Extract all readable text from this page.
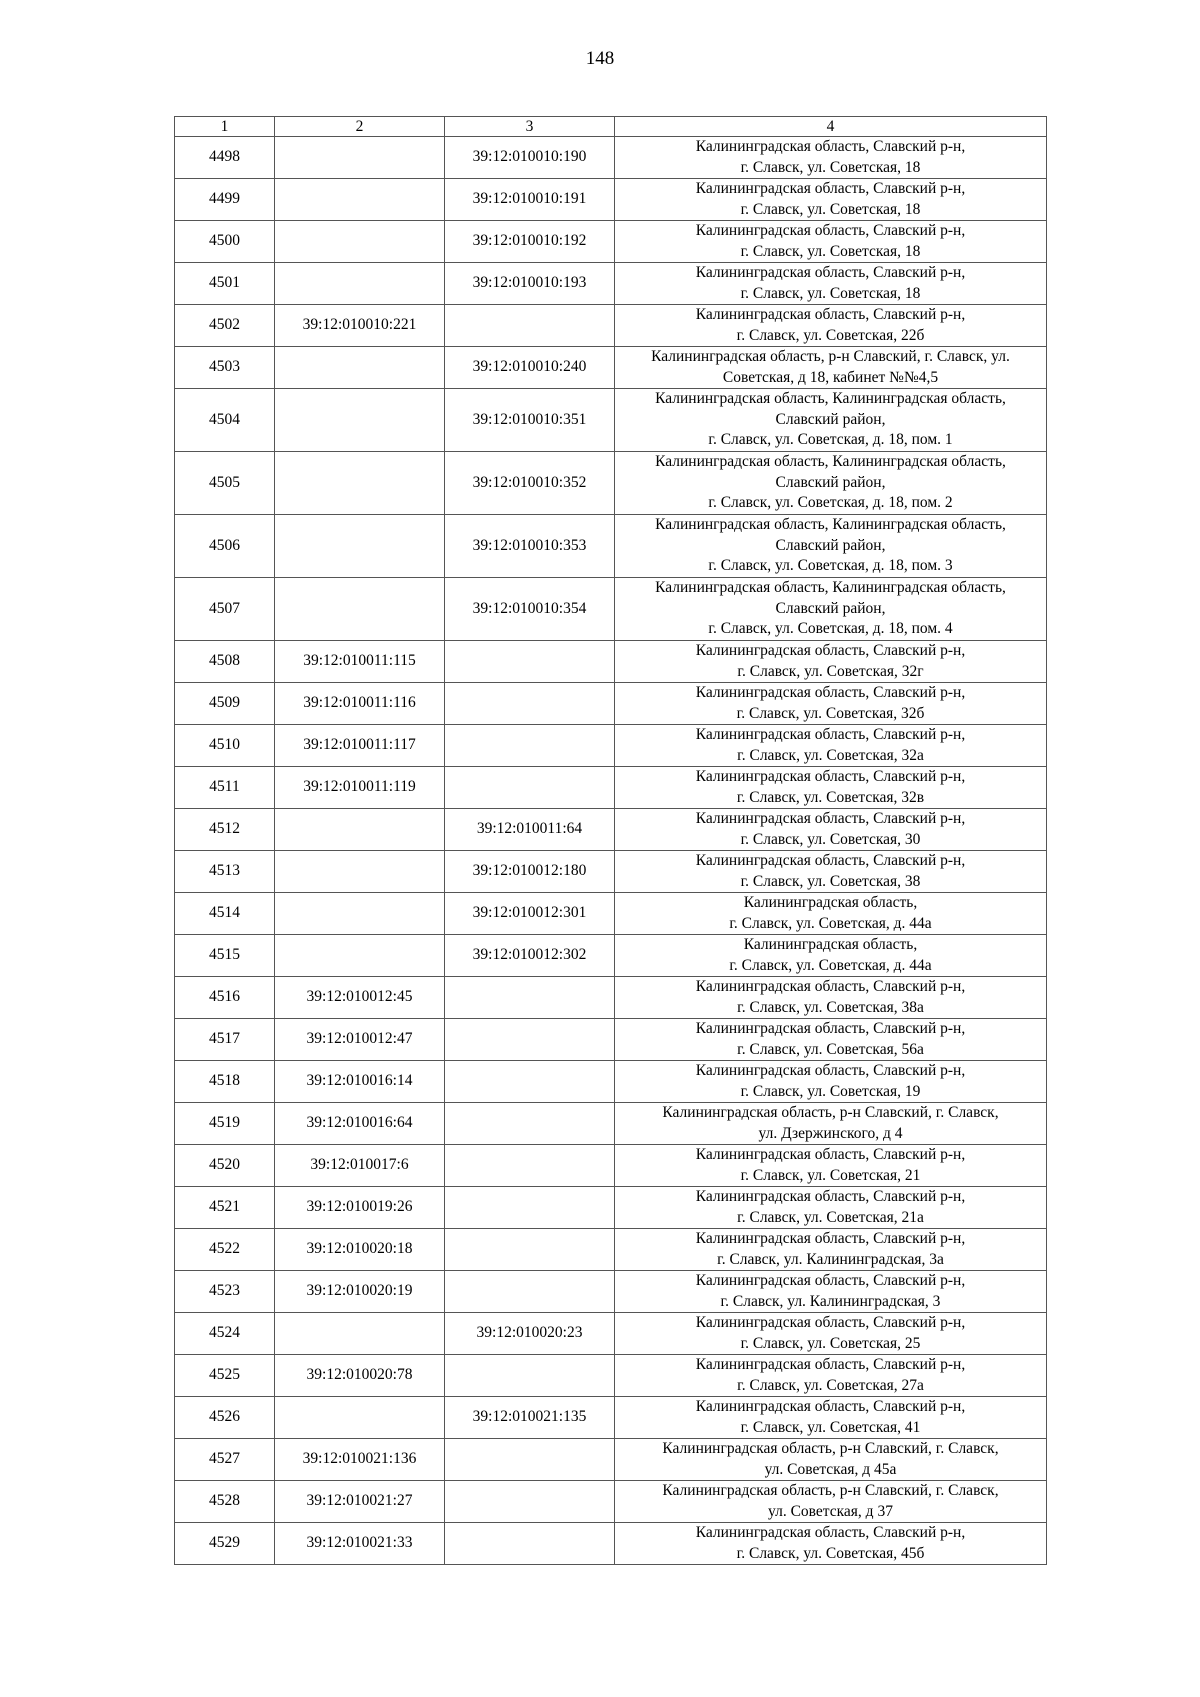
148
1	2	3	4
4498		39:12:010010:190	Калининградская область, Славский р-н,
г. Славск, ул. Советская, 18
4499		39:12:010010:191	Калининградская область, Славский р-н,
г. Славск, ул. Советская, 18
4500		39:12:010010:192	Калининградская область, Славский р-н,
г. Славск, ул. Советская, 18
4501		39:12:010010:193	Калининградская область, Славский р-н,
г. Славск, ул. Советская, 18
4502	39:12:010010:221		Калининградская область, Славский р-н,
г. Славск, ул. Советская, 22б
4503		39:12:010010:240	Калининградская область, р-н Славский, г. Славск, ул.
Советская, д 18, кабинет №№4,5
4504		39:12:010010:351	Калининградская область, Калининградская область,
Славский район,
г. Славск, ул. Советская, д. 18, пом. 1
4505		39:12:010010:352	Калининградская область, Калининградская область,
Славский район,
г. Славск, ул. Советская, д. 18, пом. 2
4506		39:12:010010:353	Калининградская область, Калининградская область,
Славский район,
г. Славск, ул. Советская, д. 18, пом. 3
4507		39:12:010010:354	Калининградская область, Калининградская область,
Славский район,
г. Славск, ул. Советская, д. 18, пом. 4
4508	39:12:010011:115		Калининградская область, Славский р-н,
г. Славск, ул. Советская, 32г
4509	39:12:010011:116		Калининградская область, Славский р-н,
г. Славск, ул. Советская, 32б
4510	39:12:010011:117		Калининградская область, Славский р-н,
г. Славск, ул. Советская, 32а
4511	39:12:010011:119		Калининградская область, Славский р-н,
г. Славск, ул. Советская, 32в
4512		39:12:010011:64	Калининградская область, Славский р-н,
г. Славск, ул. Советская, 30
4513		39:12:010012:180	Калининградская область, Славский р-н,
г. Славск, ул. Советская, 38
4514		39:12:010012:301	Калининградская область,
г. Славск, ул. Советская, д. 44а
4515		39:12:010012:302	Калининградская область,
г. Славск, ул. Советская, д. 44а
4516	39:12:010012:45		Калининградская область, Славский р-н,
г. Славск, ул. Советская, 38а
4517	39:12:010012:47		Калининградская область, Славский р-н,
г. Славск, ул. Советская, 56а
4518	39:12:010016:14		Калининградская область, Славский р-н,
г. Славск, ул. Советская, 19
4519	39:12:010016:64		Калининградская область, р-н Славский, г. Славск,
ул. Дзержинского, д 4
4520	39:12:010017:6		Калининградская область, Славский р-н,
г. Славск, ул. Советская, 21
4521	39:12:010019:26		Калининградская область, Славский р-н,
г. Славск, ул. Советская, 21а
4522	39:12:010020:18		Калининградская область, Славский р-н,
г. Славск, ул. Калининградская, 3а
4523	39:12:010020:19		Калининградская область, Славский р-н,
г. Славск, ул. Калининградская, 3
4524		39:12:010020:23	Калининградская область, Славский р-н,
г. Славск, ул. Советская, 25
4525	39:12:010020:78		Калининградская область, Славский р-н,
г. Славск, ул. Советская, 27а
4526		39:12:010021:135	Калининградская область, Славский р-н,
г. Славск, ул. Советская, 41
4527	39:12:010021:136		Калининградская область, р-н Славский, г. Славск,
ул. Советская, д 45а
4528	39:12:010021:27		Калининградская область, р-н Славский, г. Славск,
ул. Советская, д 37
4529	39:12:010021:33		Калининградская область, Славский р-н,
г. Славск, ул. Советская, 45б
